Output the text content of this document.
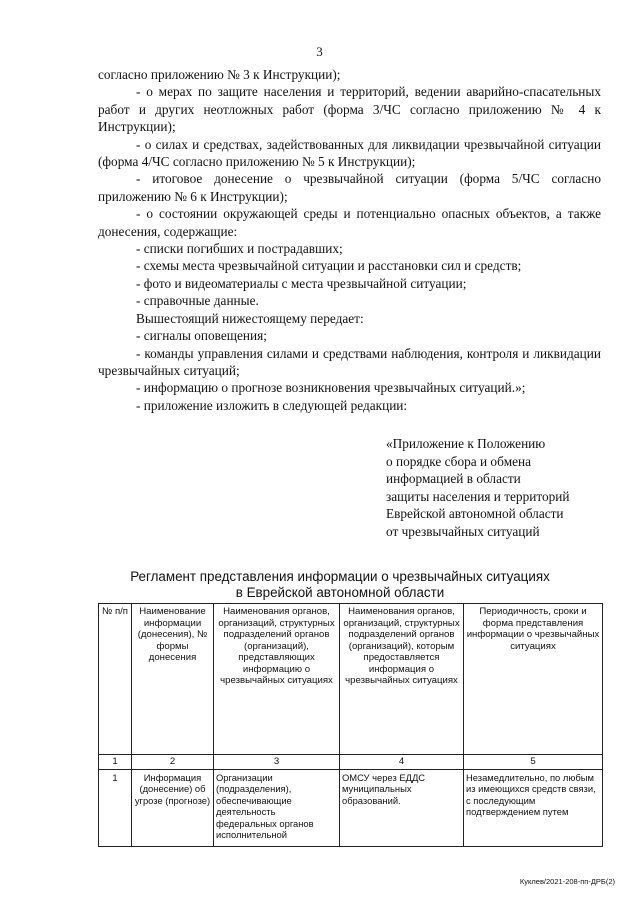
3

согласно приложению № 3 к Инструкции);

- о мерах по защите населения и территорий, ведении аварийно-спасательных работ и других неотложных работ (форма 3/ЧС согласно приложению № 4 к Инструкции);

- о силах и средствах, задействованных для ликвидации чрезвычайной ситуации (форма 4/ЧС согласно приложению № 5 к Инструкции);

- итоговое донесение о чрезвычайной ситуации (форма 5/ЧС согласно приложению № 6 к Инструкции);

- о состоянии окружающей среды и потенциально опасных объектов, а также донесения, содержащие:

- списки погибших и пострадавших;

- схемы места чрезвычайной ситуации и расстановки сил и средств;

- фото и видеоматериалы с места чрезвычайной ситуации;

- справочные данные.

Вышестоящий нижестоящему передает:

- сигналы оповещения;

- команды управления силами и средствами наблюдения, контроля и ликвидации чрезвычайных ситуаций;

- информацию о прогнозе возникновения чрезвычайных ситуаций.»;

- приложение изложить в следующей редакции:

«Приложение к Положению
о порядке сбора и обмена
информацией в области
защиты населения и территорий
Еврейской автономной области
от чрезвычайных ситуаций
Регламент представления информации о чрезвычайных ситуациях
в Еврейской автономной области
№ п/п	Наименование информации (донесения), № формы донесения	Наименования органов, организаций, структурных подразделений органов (организаций), представляющих информацию о чрезвычайных ситуациях	Наименования органов, организаций, структурных подразделений органов (организаций), которым предоставляется информация о чрезвычайных ситуациях	Периодичность, сроки и форма представления информации о чрезвычайных ситуациях
1	2	3	4	5
1	Информация (донесение) об угрозе (прогнозе)	Организации (подразделения), обеспечивающие деятельность федеральных органов исполнительной	ОМСУ через ЕДДС муниципальных образований.	Незамедлительно, по любым из имеющихся средств связи, с последующим подтверждением путем
Куклев/2021-208-пп-ДРБ(2)
